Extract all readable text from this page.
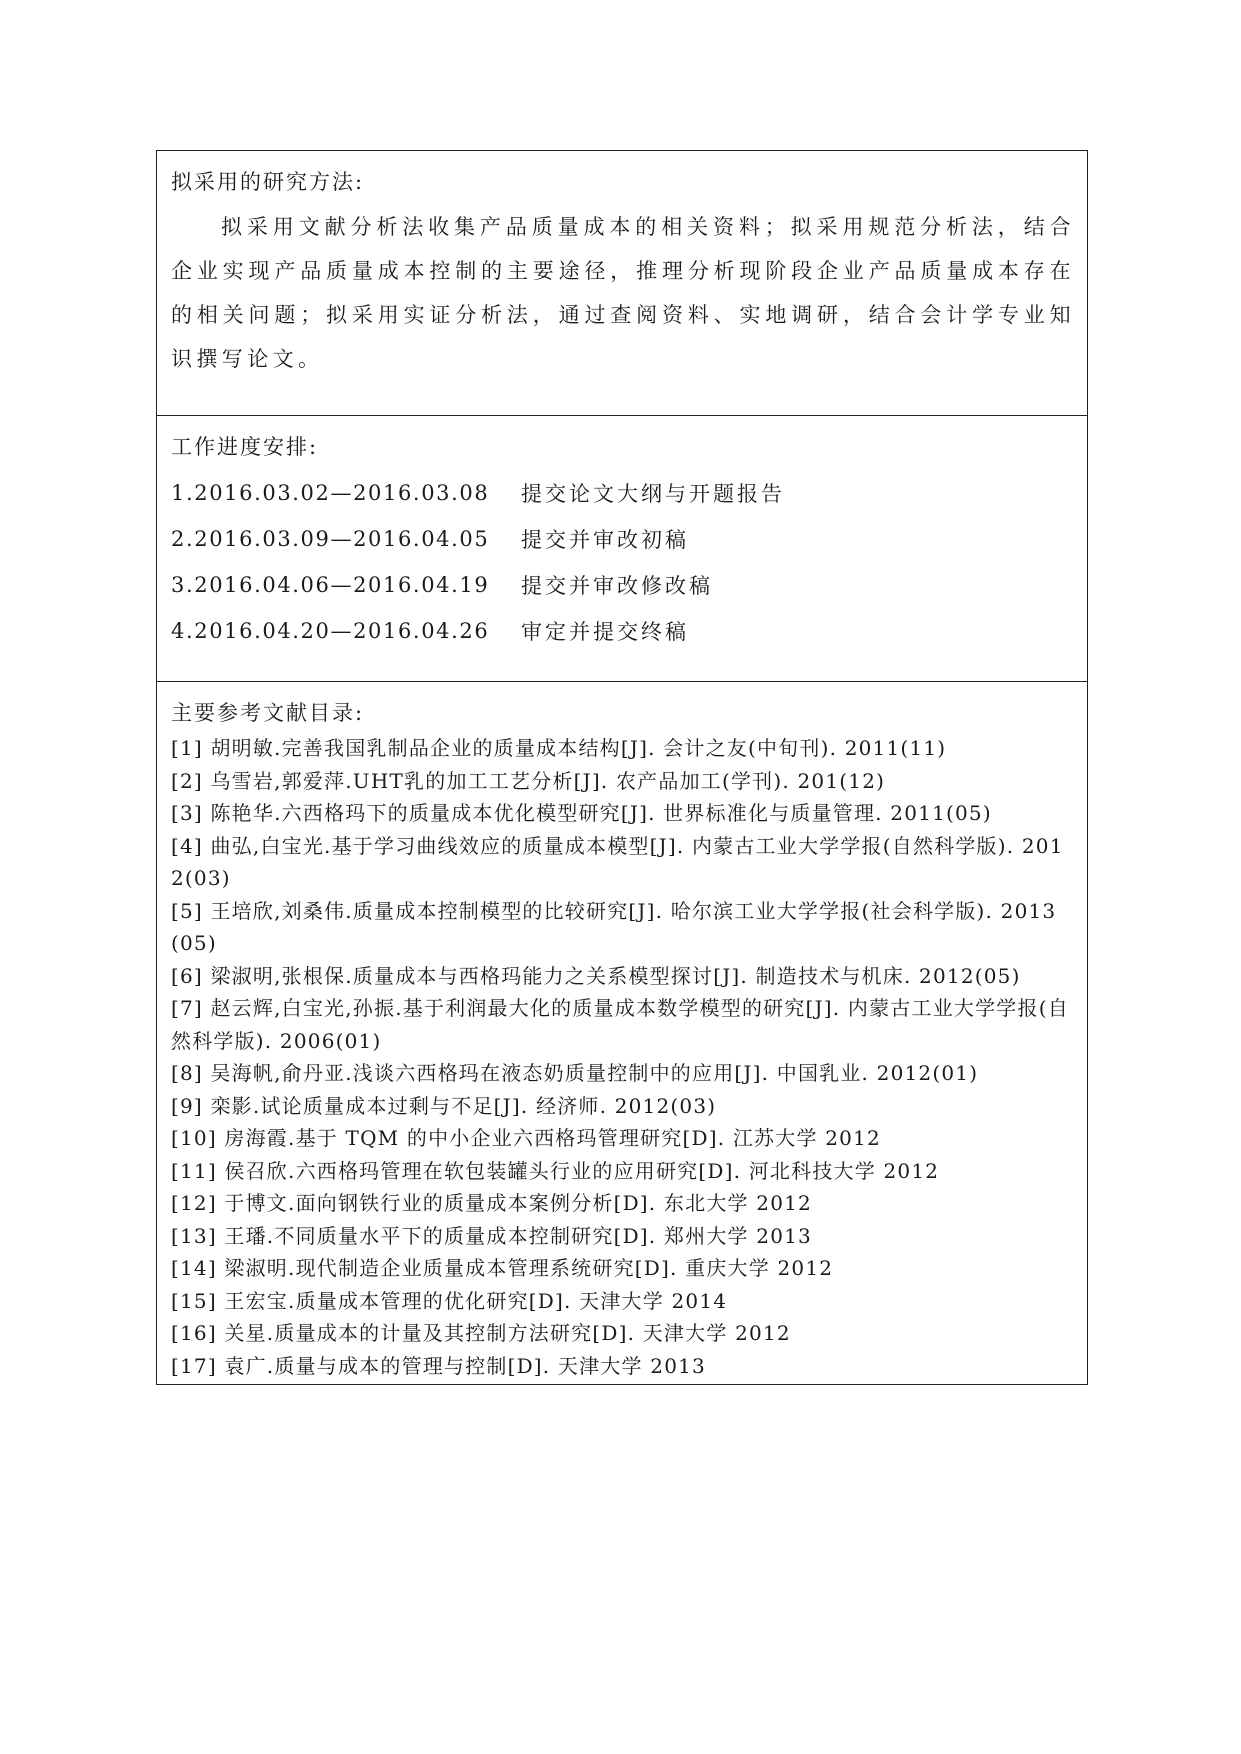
拟采用的研究方法:

拟采用文献分析法收集产品质量成本的相关资料；拟采用规范分析法，结合企业实现产品质量成本控制的主要途径，推理分析现阶段企业产品质量成本存在的相关问题；拟采用实证分析法，通过查阅资料、实地调研，结合会计学专业知识撰写论文。

工作进度安排:

1.2016.03.02—2016.03.08	提交论文大纲与开题报告
2.2016.03.09—2016.04.05	提交并审改初稿
3.2016.04.06—2016.04.19	提交并审改修改稿
4.2016.04.20—2016.04.26	审定并提交终稿

主要参考文献目录:

[1] 胡明敏.完善我国乳制品企业的质量成本结构[J]. 会计之友(中旬刊). 2011(11)
[2] 乌雪岩,郭爱萍.UHT乳的加工工艺分析[J]. 农产品加工(学刊). 201(12)
[3] 陈艳华.六西格玛下的质量成本优化模型研究[J]. 世界标准化与质量管理. 2011(05)
[4] 曲弘,白宝光.基于学习曲线效应的质量成本模型[J]. 内蒙古工业大学学报(自然科学版). 2012(03)
[5] 王培欣,刘桑伟.质量成本控制模型的比较研究[J]. 哈尔滨工业大学学报(社会科学版). 2013(05)
[6] 梁淑明,张根保.质量成本与西格玛能力之关系模型探讨[J]. 制造技术与机床. 2012(05)
[7] 赵云辉,白宝光,孙振.基于利润最大化的质量成本数学模型的研究[J]. 内蒙古工业大学学报(自然科学版). 2006(01)
[8] 吴海帆,俞丹亚.浅谈六西格玛在液态奶质量控制中的应用[J]. 中国乳业. 2012(01)
[9] 栾影.试论质量成本过剩与不足[J]. 经济师. 2012(03)
[10] 房海霞.基于 TQM 的中小企业六西格玛管理研究[D]. 江苏大学 2012
[11] 侯召欣.六西格玛管理在软包装罐头行业的应用研究[D]. 河北科技大学 2012
[12] 于博文.面向钢铁行业的质量成本案例分析[D]. 东北大学 2012
[13] 王璠.不同质量水平下的质量成本控制研究[D]. 郑州大学 2013
[14] 梁淑明.现代制造企业质量成本管理系统研究[D]. 重庆大学 2012
[15] 王宏宝.质量成本管理的优化研究[D]. 天津大学 2014
[16] 关星.质量成本的计量及其控制方法研究[D]. 天津大学 2012
[17] 袁广.质量与成本的管理与控制[D]. 天津大学 2013
